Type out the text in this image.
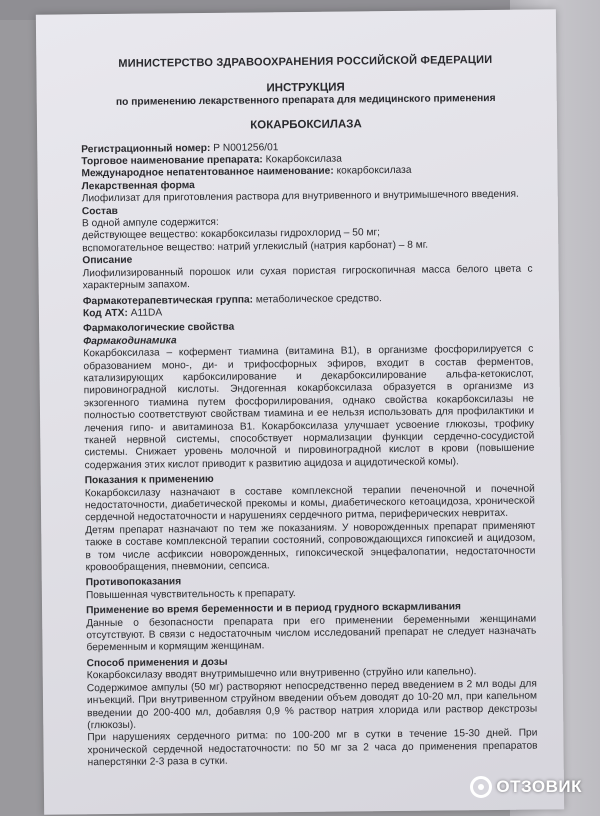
МИНИСТЕРСТВО ЗДРАВООХРАНЕНИЯ РОССИЙСКОЙ ФЕДЕРАЦИИ
ИНСТРУКЦИЯ
по применению лекарственного препарата для медицинского применения
КОКАРБОКСИЛАЗА

Регистрационный номер: Р N001256/01

Торговое наименование препарата: Кокарбоксилаза

Международное непатентованное наименование: кокарбоксилаза

Лекарственная форма

Лиофилизат для приготовления раствора для внутривенного и внутримышечного введения.

Состав

В одной ампуле содержится:

действующее вещество: кокарбоксилазы гидрохлорид – 50 мг;

вспомогательное вещество: натрий углекислый (натрия карбонат) – 8 мг.

Описание

Лиофилизированный порошок или сухая пористая гигроскопичная масса белого цвета с характерным запахом.

Фармакотерапевтическая группа: метаболическое средство.

Код АТХ: A11DA

Фармакологические свойства

Фармакодинамика

Кокарбоксилаза – кофермент тиамина (витамина В1), в организме фосфорилируется с образованием моно-, ди- и трифосфорных эфиров, входит в состав ферментов, катализирующих карбоксилирование и декарбоксилирование альфа-кетокислот, пировиноградной кислоты. Эндогенная кокарбоксилаза образуется в организме из экзогенного тиамина путем фосфорилирования, однако свойства кокарбоксилазы не полностью соответствуют свойствам тиамина и ее нельзя использовать для профилактики и лечения гипо- и авитаминоза В1. Кокарбоксилаза улучшает усвоение глюкозы, трофику тканей нервной системы, способствует нормализации функции сердечно-сосудистой системы. Снижает уровень молочной и пировиноградной кислот в крови (повышение содержания этих кислот приводит к развитию ацидоза и ацидотической комы).

Показания к применению

Кокарбоксилазу назначают в составе комплексной терапии печеночной и почечной недостаточности, диабетической прекомы и комы, диабетического кетоацидоза, хронической сердечной недостаточности и нарушениях сердечного ритма, периферических невритах.

Детям препарат назначают по тем же показаниям. У новорожденных препарат применяют также в составе комплексной терапии состояний, сопровождающихся гипоксией и ацидозом, в том числе асфиксии новорожденных, гипоксической энцефалопатии, недостаточности кровообращения, пневмонии, сепсиса.

Противопоказания

Повышенная чувствительность к препарату.

Применение во время беременности и в период грудного вскармливания

Данные о безопасности препарата при его применении беременными женщинами отсутствуют. В связи с недостаточным числом исследований препарат не следует назначать беременным и кормящим женщинам.

Способ применения и дозы

Кокарбоксилазу вводят внутримышечно или внутривенно (струйно или капельно).

Содержимое ампулы (50 мг) растворяют непосредственно перед введением в 2 мл воды для инъекций. При внутривенном струйном введении объем доводят до 10-20 мл, при капельном введении до 200-400 мл, добавляя 0,9 % раствор натрия хлорида или раствор декстрозы (глюкозы).

При нарушениях сердечного ритма: по 100-200 мг в сутки в течение 15-30 дней. При хронической сердечной недостаточности: по 50 мг за 2 часа до применения препаратов наперстянки 2-3 раза в сутки.

ОТЗОВИК
